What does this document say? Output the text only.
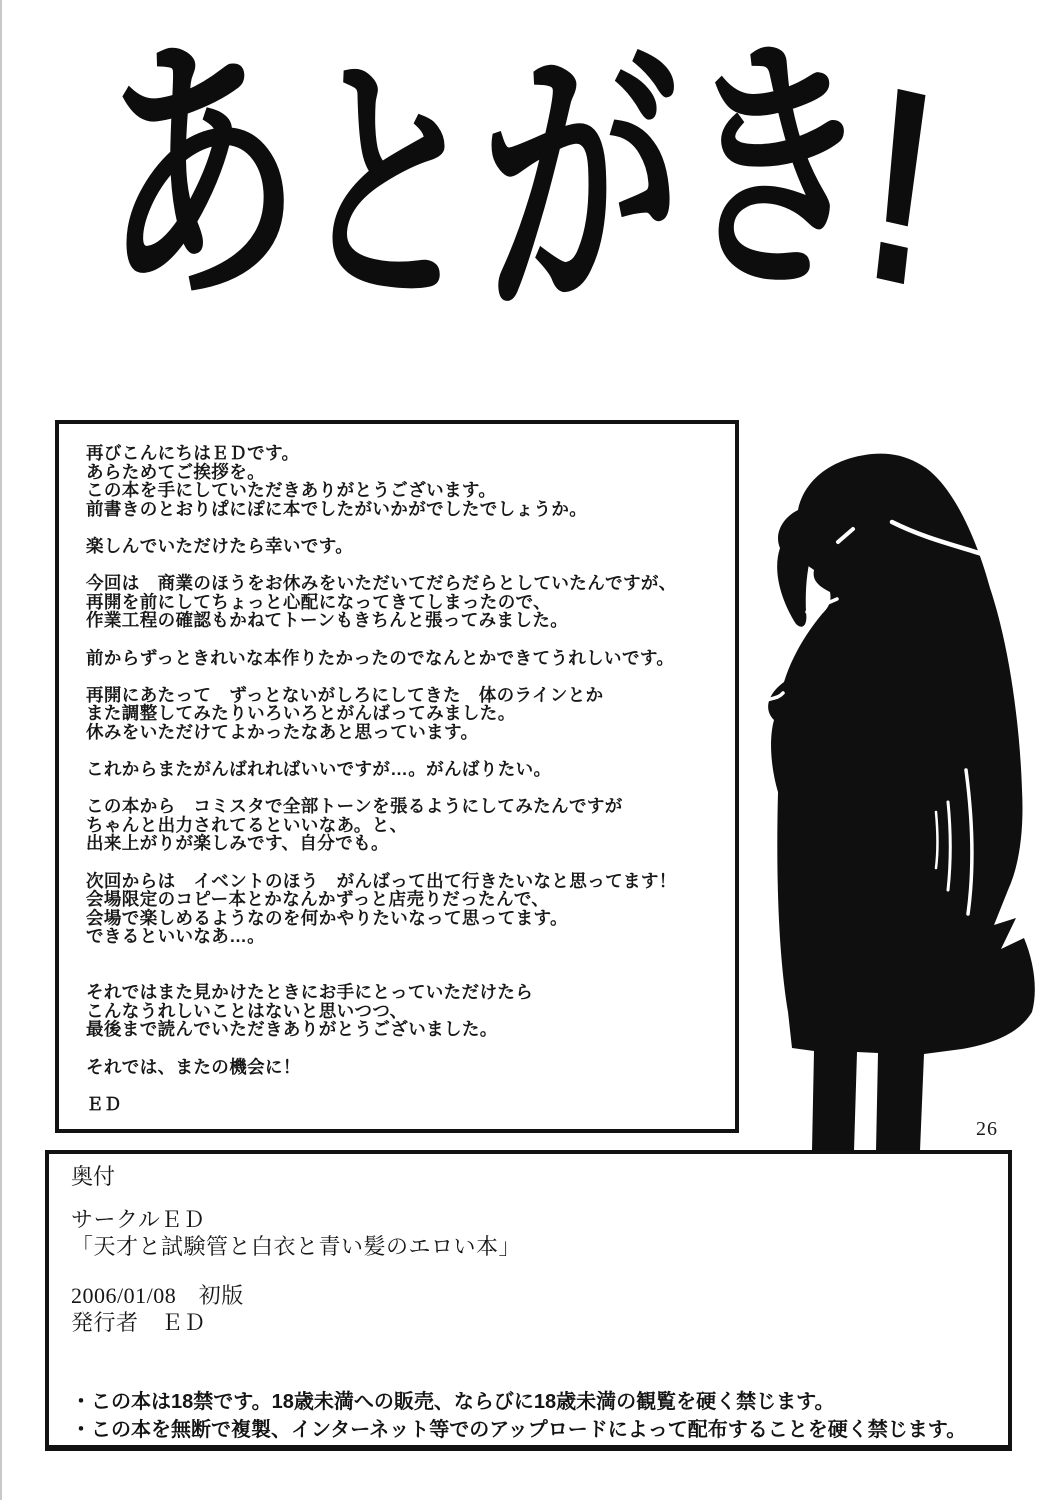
あ
と
が
き
!
再びこんにちはＥＤです。
あらためてご挨拶を。
この本を手にしていただきありがとうございます。
前書きのとおりぱにぽに本でしたがいかがでしたでしょうか。

楽しんでいただけたら幸いです。

今回は　商業のほうをお休みをいただいてだらだらとしていたんですが、
再開を前にしてちょっと心配になってきてしまったので、
作業工程の確認もかねてトーンもきちんと張ってみました。

前からずっときれいな本作りたかったのでなんとかできてうれしいです。

再開にあたって　ずっとないがしろにしてきた　体のラインとか
また調整してみたりいろいろとがんばってみました。
休みをいただけてよかったなあと思っています。

これからまたがんばれればいいですが…。がんばりたい。

この本から　コミスタで全部トーンを張るようにしてみたんですが
ちゃんと出力されてるといいなあ。と、
出来上がりが楽しみです、自分でも。

次回からは　イベントのほう　がんばって出て行きたいなと思ってます！
会場限定のコピー本とかなんかずっと店売りだったんで、
会場で楽しめるようなのを何かやりたいなって思ってます。
できるといいなあ…。

それではまた見かけたときにお手にとっていただけたら
こんなうれしいことはないと思いつつ、
最後まで読んでいただきありがとうございました。

それでは、またの機会に！

ＥＤ
26
奥付
サークルＥＤ
「天才と試験管と白衣と青い髪のエロい本」
2006/01/08　初版
発行者　ＥＤ
・この本は18禁です。18歳未満への販売、ならびに18歳未満の観覧を硬く禁じます。
・この本を無断で複製、インターネット等でのアップロードによって配布することを硬く禁じます。
